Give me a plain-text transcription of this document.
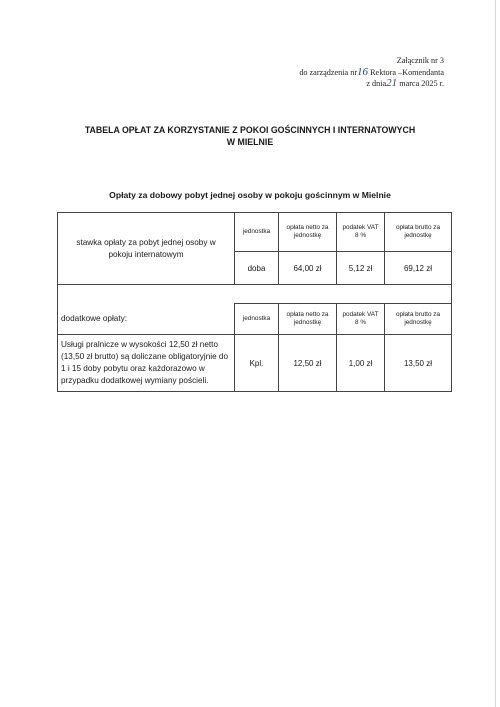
Załącznik nr 3
do zarządzenia nr16 Rektora –Komendanta
z dnia21 marca 2025 r.
TABELA OPŁAT ZA KORZYSTANIE Z POKOI GOŚCINNYCH I INTERNATOWYCH
W MIELNIE
Opłaty za dobowy pobyt jednej osoby w pokoju gościnnym w Mielnie
stawka opłaty za pobyt jednej osoby w pokoju internatowym	jednostka	opłata netto za jednostkę	podatek VAT 8 %	opłata brutto za jednostkę
	doba	64,00 zł	5,12 zł	69,12 zł

dodatkowe opłaty:	jednostka	opłata netto za jednostkę	podatek VAT 8 %	opłata brutto za jednostkę
Usługi pralnicze w wysokości 12,50 zł netto (13,50 zł brutto) są doliczane obligatoryjnie do 1 i 15 doby pobytu oraz każdorazowo w przypadku dodatkowej wymiany pościeli.	Kpl.	12,50 zł	1,00 zł	13,50 zł
